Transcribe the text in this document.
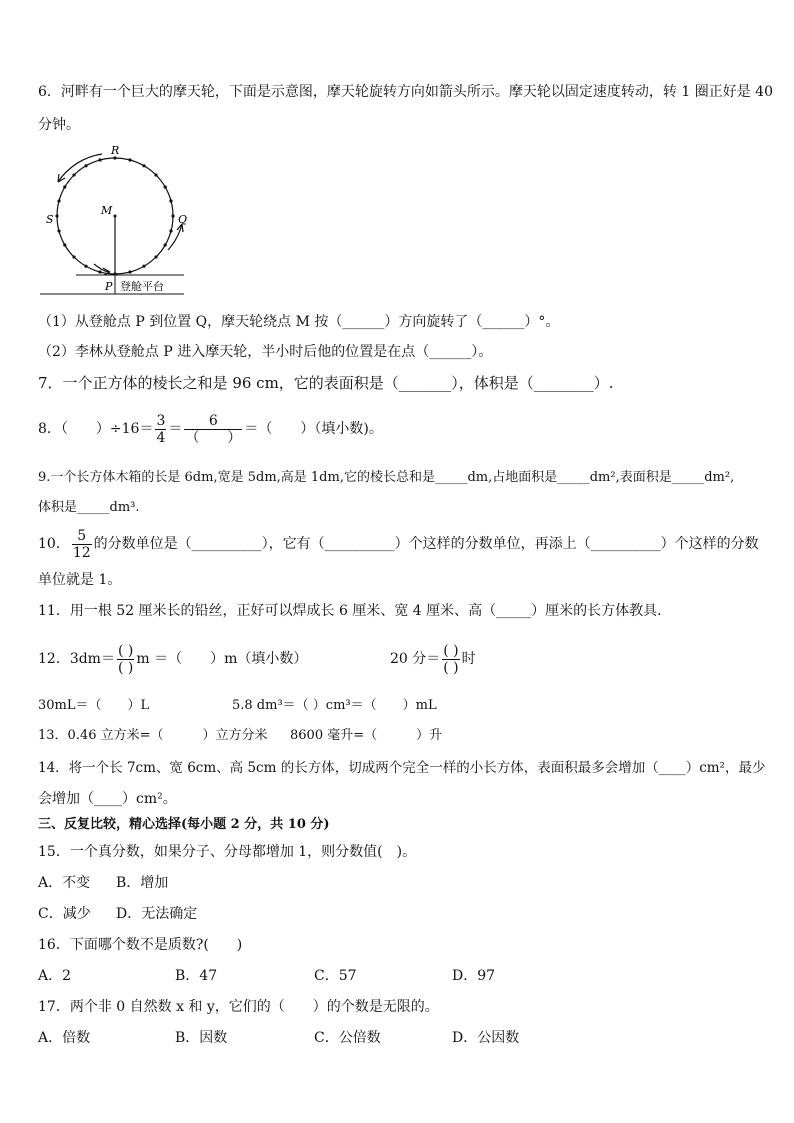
6．河畔有一个巨大的摩天轮，下面是示意图，摩天轮旋转方向如箭头所示。摩天轮以固定速度转动，转 1 圈正好是 40
分钟。
R
S
M
Q
P 登舱平台
（1）从登舱点 P 到位置 Q，摩天轮绕点 M 按（______）方向旋转了（______）°。
（2）李林从登舱点 P 进入摩天轮，半小时后他的位置是在点（______）。
7．一个正方体的棱长之和是 96 cm，它的表面积是（_______），体积是（________）.
8．（　　）$\div 16= \frac{3}{4} = \frac{6}{( )}$ ＝（　　）（填小数)。
9.一个长方体木箱的长是 6dm,宽是 5dm,高是 1dm,它的棱长总和是_____dm,占地面积是_____dm²,表面积是_____dm²,
体积是_____dm³.
10． $\frac{5}{12}$ 的分数单位是（__________），它有（__________）个这样的分数单位，再添上（__________）个这样的分数
单位就是 1。
11．用一根 52 厘米长的铅丝，正好可以焊成长 6 厘米、宽 4 厘米、高（_____）厘米的长方体教具．
12．$3dm= \frac{( )}{( )}$ m ＝（　　）m（填小数）	20 分＝ $\frac{( )}{( )}$ 时
30mL＝（　　）L	5.8 dm³＝（ ）cm³＝（　　）mL
13．0.46 立方米=（　　　）立方分米 8600 毫升=（　　　）升
14．将一个长 7cm、宽 6cm、高 5cm 的长方体，切成两个完全一样的小长方体，表面积最多会增加（____）cm²，最少
会增加（____）cm²。
三、反复比较，精心选择(每小题 2 分，共 10 分)
15．一个真分数，如果分子、分母都增加 1，则分数值(　)。
A．不变 B．增加
C．减少 D．无法确定
16．下面哪个数不是质数?(　　)
A．2	B．47	C．57	D．97
17．两个非 0 自然数 x 和 y，它们的（　　）的个数是无限的。
A．倍数	B．因数	C．公倍数	D．公因数
